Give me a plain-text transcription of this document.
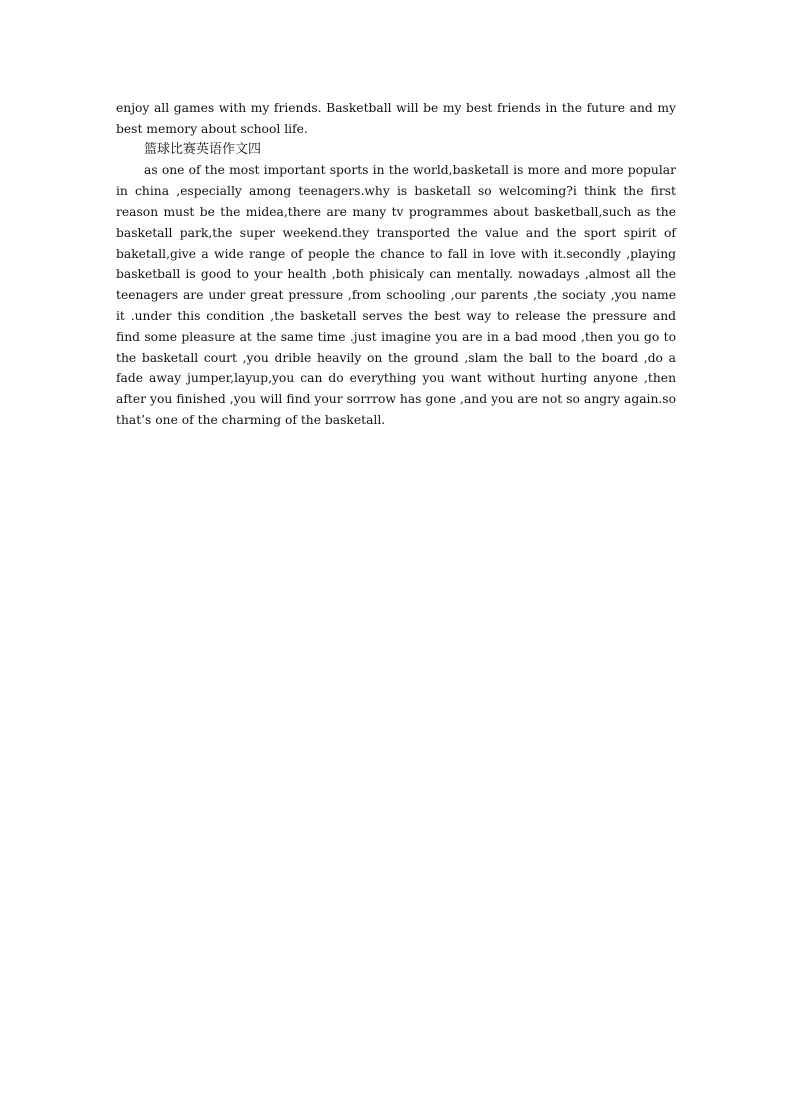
enjoy all games with my friends. Basketball will be my best friends in the future and my best memory about school life.

篮球比赛英语作文四

as one of the most important sports in the world,basketall is more and more popular in china ,especially among teenagers.why is basketall so welcoming?i think the first reason must be the midea,there are many tv programmes about basketball,such as the basketall park,the super weekend.they transported the value and the sport spirit of baketall,give a wide range of people the chance to fall in love with it.secondly ,playing basketball is good to your health ,both phisicaly can mentally. nowadays ,almost all the teenagers are under great pressure ,from schooling ,our parents ,the sociaty ,you name it .under this condition ,the basketall serves the best way to release the pressure and find some pleasure at the same time .just imagine you are in a bad mood ,then you go to the basketall court ,you drible heavily on the ground ,slam the ball to the board ,do a fade away jumper,layup,you can do everything you want without hurting anyone ,then after you finished ,you will find your sorrrow has gone ,and you are not so angry again.so that’s one of the charming of the basketall.
